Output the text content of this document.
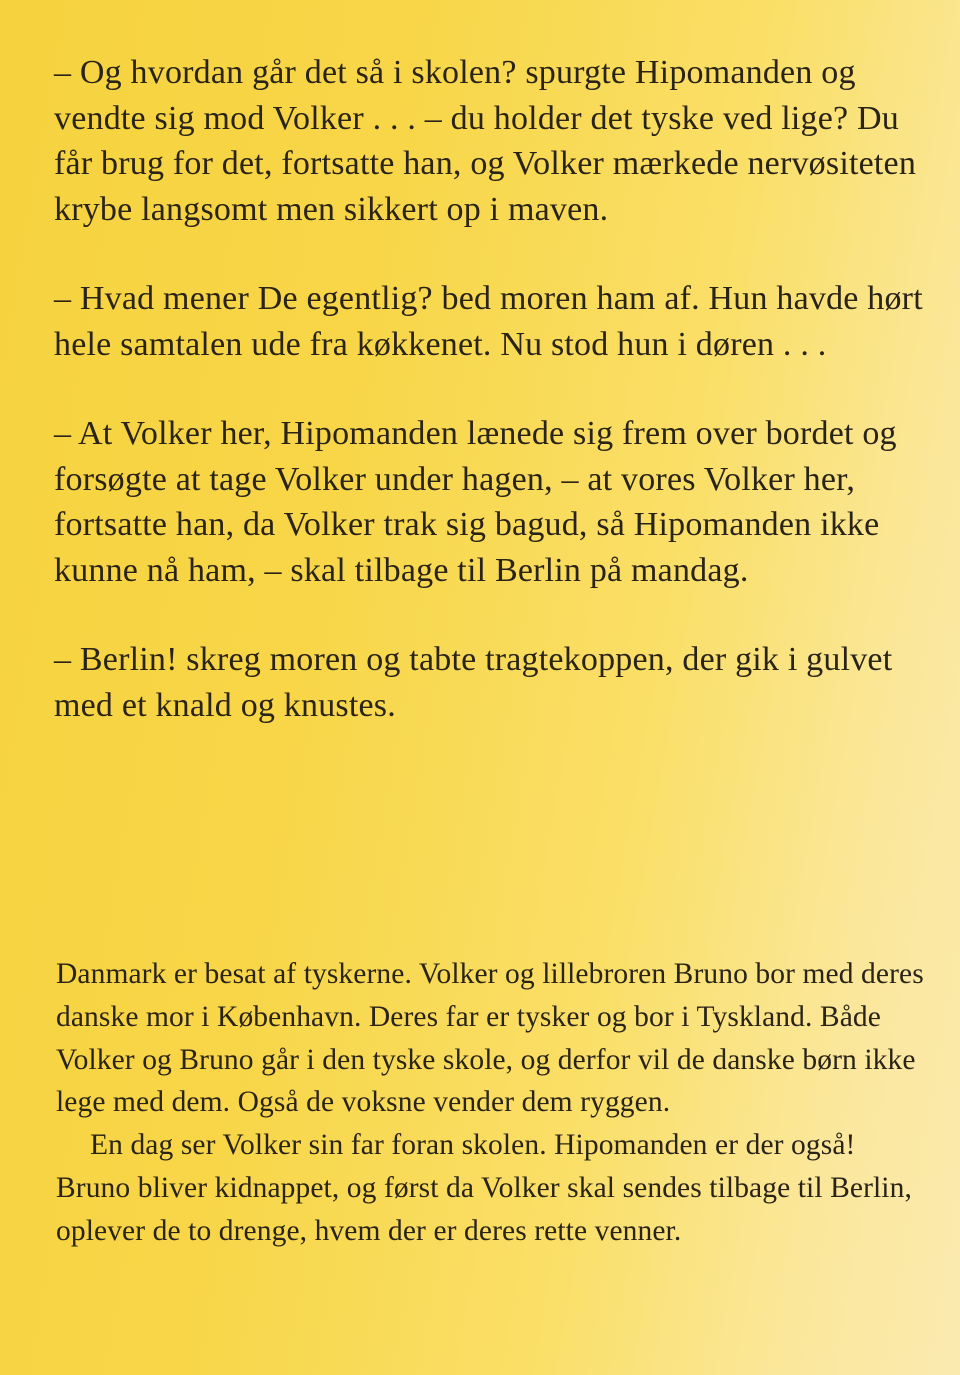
– Og hvordan går det så i skolen? spurgte Hipomanden og vendte sig mod Volker . . . – du holder det tyske ved lige? Du får brug for det, fortsatte han, og Volker mærkede nervøsiteten krybe langsomt men sikkert op i maven.

– Hvad mener De egentlig? bed moren ham af. Hun havde hørt hele samtalen ude fra køkkenet. Nu stod hun i døren . . .

– At Volker her, Hipomanden lænede sig frem over bordet og forsøgte at tage Volker under hagen, – at vores Volker her, fortsatte han, da Volker trak sig bagud, så Hipomanden ikke kunne nå ham, – skal tilbage til Berlin på mandag.

– Berlin! skreg moren og tabte tragtekoppen, der gik i gulvet med et knald og knustes.

Danmark er besat af tyskerne. Volker og lillebroren Bruno bor med deres danske mor i København. Deres far er tysker og bor i Tyskland. Både Volker og Bruno går i den tyske skole, og derfor vil de danske børn ikke lege med dem. Også de voksne vender dem ryggen.

En dag ser Volker sin far foran skolen. Hipomanden er der også! Bruno bliver kidnappet, og først da Volker skal sendes tilbage til Berlin, oplever de to drenge, hvem der er deres rette venner.
